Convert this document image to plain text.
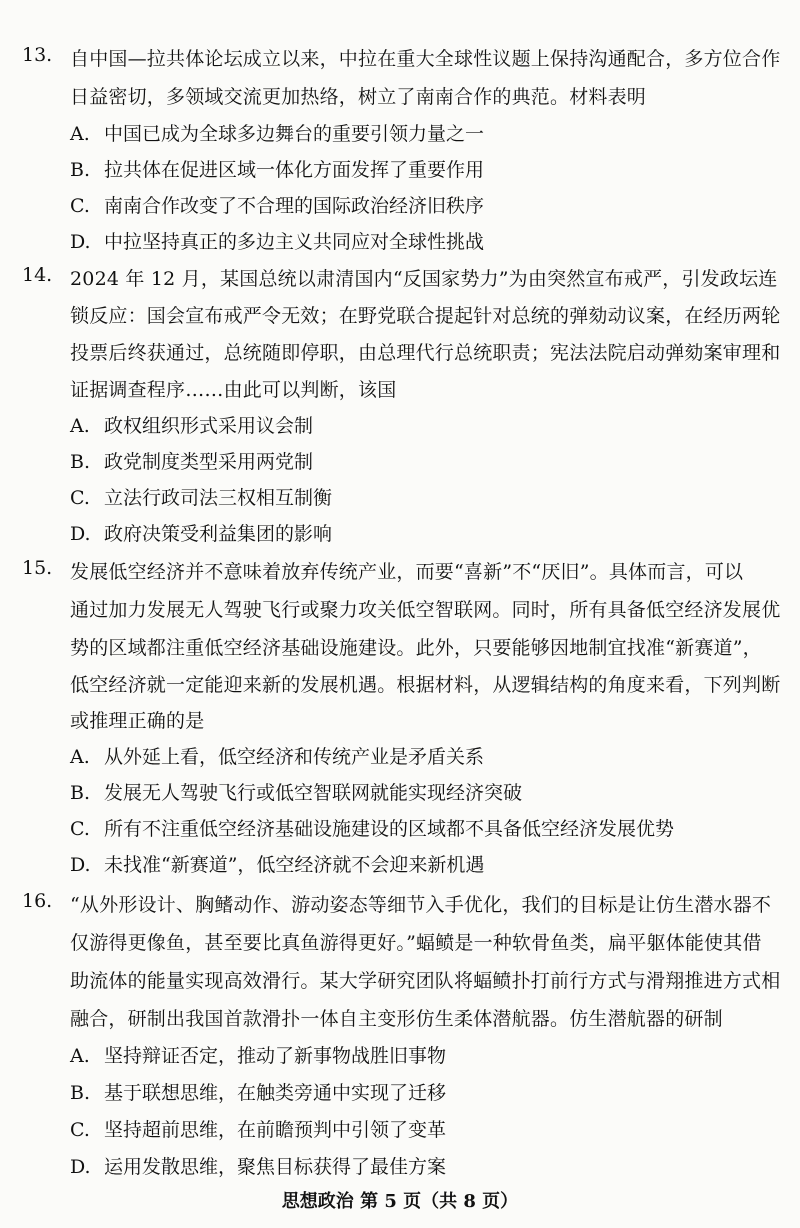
13. 自中国—拉共体论坛成立以来，中拉在重大全球性议题上保持沟通配合，多方位合作
日益密切，多领域交流更加热络，树立了南南合作的典范。材料表明
A. 中国已成为全球多边舞台的重要引领力量之一
B. 拉共体在促进区域一体化方面发挥了重要作用
C. 南南合作改变了不合理的国际政治经济旧秩序
D. 中拉坚持真正的多边主义共同应对全球性挑战
14. 2024 年 12 月，某国总统以肃清国内“反国家势力”为由突然宣布戒严，引发政坛连
锁反应：国会宣布戒严令无效；在野党联合提起针对总统的弹劾动议案，在经历两轮
投票后终获通过，总统随即停职，由总理代行总统职责；宪法法院启动弹劾案审理和
证据调查程序……由此可以判断，该国
A. 政权组织形式采用议会制
B. 政党制度类型采用两党制
C. 立法行政司法三权相互制衡
D. 政府决策受利益集团的影响
15. 发展低空经济并不意味着放弃传统产业，而要“喜新”不“厌旧”。具体而言，可以
通过加力发展无人驾驶飞行或聚力攻关低空智联网。同时，所有具备低空经济发展优
势的区域都注重低空经济基础设施建设。此外，只要能够因地制宜找准“新赛道”，
低空经济就一定能迎来新的发展机遇。根据材料，从逻辑结构的角度来看，下列判断
或推理正确的是
A. 从外延上看，低空经济和传统产业是矛盾关系
B. 发展无人驾驶飞行或低空智联网就能实现经济突破
C. 所有不注重低空经济基础设施建设的区域都不具备低空经济发展优势
D. 未找准“新赛道”，低空经济就不会迎来新机遇
16. “从外形设计、胸鳍动作、游动姿态等细节入手优化，我们的目标是让仿生潜水器不
仅游得更像鱼，甚至要比真鱼游得更好。”蝠鲼是一种软骨鱼类，扁平躯体能使其借
助流体的能量实现高效滑行。某大学研究团队将蝠鲼扑打前行方式与滑翔推进方式相
融合，研制出我国首款滑扑一体自主变形仿生柔体潜航器。仿生潜航器的研制
A. 坚持辩证否定，推动了新事物战胜旧事物
B. 基于联想思维，在触类旁通中实现了迁移
C. 坚持超前思维，在前瞻预判中引领了变革
D. 运用发散思维，聚焦目标获得了最佳方案
思想政治 第 5 页（共 8 页）
